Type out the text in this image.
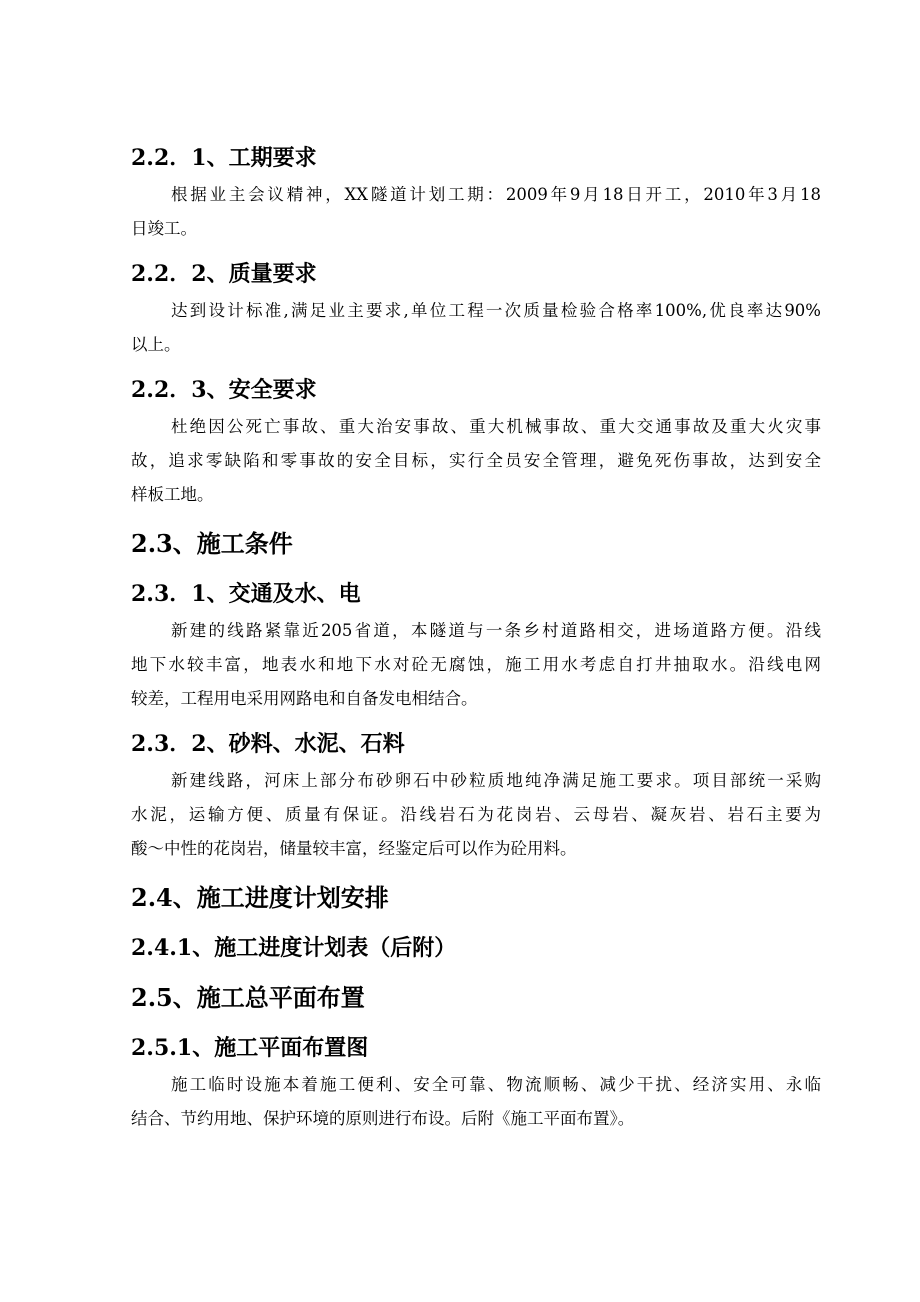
2.2．1、工期要求
根据业主会议精神，XX隧道计划工期：2009年9月18日开工，2010年3月18
日竣工。
2.2．2、质量要求
达到设计标准,满足业主要求,单位工程一次质量检验合格率100%,优良率达90%
以上。
2.2．3、安全要求
杜绝因公死亡事故、重大治安事故、重大机械事故、重大交通事故及重大火灾事
故，追求零缺陷和零事故的安全目标，实行全员安全管理，避免死伤事故，达到安全
样板工地。
2.3、施工条件
2.3．1、交通及水、电
新建的线路紧靠近205省道，本隧道与一条乡村道路相交，进场道路方便。沿线
地下水较丰富，地表水和地下水对砼无腐蚀，施工用水考虑自打井抽取水。沿线电网
较差，工程用电采用网路电和自备发电相结合。
2.3．2、砂料、水泥、石料
新建线路，河床上部分布砂卵石中砂粒质地纯净满足施工要求。项目部统一采购
水泥，运输方便、质量有保证。沿线岩石为花岗岩、云母岩、凝灰岩、岩石主要为
酸～中性的花岗岩，储量较丰富，经鉴定后可以作为砼用料。
2.4、施工进度计划安排
2.4.1、施工进度计划表（后附）
2.5、施工总平面布置
2.5.1、施工平面布置图
施工临时设施本着施工便利、安全可靠、物流顺畅、减少干扰、经济实用、永临
结合、节约用地、保护环境的原则进行布设。后附《施工平面布置》。
